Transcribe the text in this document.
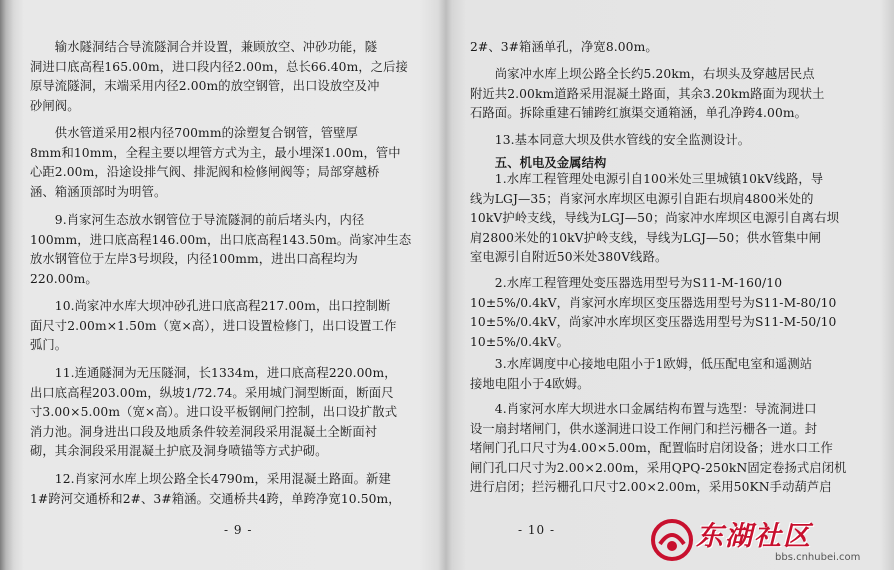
　　输水隧洞结合导流隧洞合并设置，兼顾放空、冲砂功能，隧
洞进口底高程165.00m，进口段内径2.00m，总长66.40m，之后接
原导流隧洞，末端采用内径2.00m的放空钢管，出口设放空及冲
砂闸阀。
　　供水管道采用2根内径700mm的涂塑复合钢管，管壁厚
8mm和10mm，全程主要以埋管方式为主，最小埋深1.00m，管中
心距2.00m，沿途设排气阀、排泥阀和检修闸阀等；局部穿越桥
涵、箱涵顶部时为明管。
　　9.肖家河生态放水钢管位于导流隧洞的前后堵头内，内径
100mm，进口底高程146.00m，出口底高程143.50m。尚家冲生态
放水钢管位于左岸3号坝段，内径100mm，进出口高程均为
220.00m。
　　10.尚家冲水库大坝冲砂孔进口底高程217.00m，出口控制断
面尺寸2.00m×1.50m（宽×高），进口设置检修门，出口设置工作
弧门。
　　11.连通隧洞为无压隧洞，长1334m，进口底高程220.00m，
出口底高程203.00m，纵坡1/72.74。采用城门洞型断面，断面尺
寸3.00×5.00m（宽×高）。进口设平板钢闸门控制，出口设扩散式
消力池。洞身进出口段及地质条件较差洞段采用混凝土全断面衬
砌，其余洞段采用混凝土护底及洞身喷锚等方式护砌。
　　12.肖家河水库上坝公路全长4790m，采用混凝土路面。新建
1#跨河交通桥和2#、3#箱涵。交通桥共4跨，单跨净宽10.50m，
2#、3#箱涵单孔，净宽8.00m。
　　尚家冲水库上坝公路全长约5.20km，右坝头及穿越居民点
附近共2.00km道路采用混凝土路面，其余3.20km路面为现状土
石路面。拆除重建石铺跨红旗渠交通箱涵，单孔净跨4.00m。
　　13.基本同意大坝及供水管线的安全监测设计。
　　五、机电及金属结构
　　1.水库工程管理处电源引自100米处三里城镇10kV线路，导
线为LGJ—35；肖家河水库坝区电源引自距右坝肩4800米处的
10kV护岭支线，导线为LGJ—50；尚家冲水库坝区电源引自离右坝
肩2800米处的10kV护岭支线，导线为LGJ—50；供水管集中闸
室电源引自附近50米处380V线路。
　　2.水库工程管理处变压器选用型号为S11-M-160/10
10±5%/0.4kV，肖家河水库坝区变压器选用型号为S11-M-80/10
10±5%/0.4kV，尚家冲水库坝区变压器选用型号为S11-M-50/10
10±5%/0.4kV。
　　3.水库调度中心接地电阻小于1欧姆，低压配电室和遥测站
接地电阻小于4欧姆。
　　4.肖家河水库大坝进水口金属结构布置与选型：导流洞进口
设一扇封堵闸门，供水遂洞进口设工作闸门和拦污栅各一道。封
堵闸门孔口尺寸为4.00×5.00m，配置临时启闭设备；进水口工作
闸门孔口尺寸为2.00×2.00m，采用QPQ-250kN固定卷扬式启闭机
进行启闭；拦污栅孔口尺寸2.00×2.00m，采用50KN手动葫芦启
- 9 -	- 10 -	东湖社区
bbs.cnhubei.com
